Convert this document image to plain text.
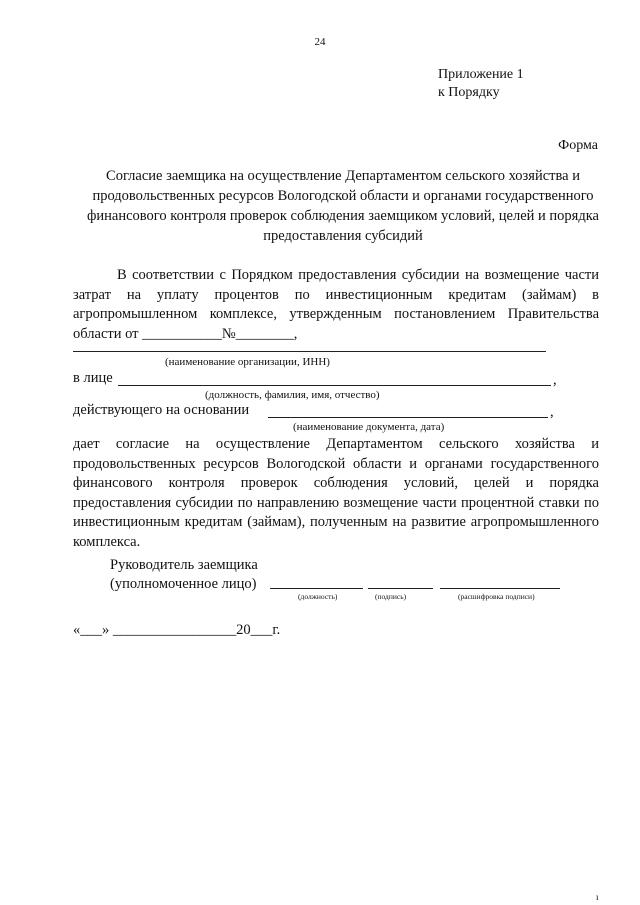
24
Приложение 1
к Порядку
Форма
Согласие заемщика на осуществление Департаментом сельского хозяйства и продовольственных ресурсов Вологодской области и органами государственного финансового контроля проверок соблюдения заемщиком условий, целей и порядка предоставления субсидий
В соответствии с Порядком предоставления субсидии на возмещение части затрат на уплату процентов по инвестиционным кредитам (займам) в агропромышленном комплексе, утвержденным постановлением Правительства области от ___________№________,
(наименование организации, ИНН)
в лице	,
(должность, фамилия, имя, отчество)
действующего на основании	,
(наименование документа, дата)
дает согласие на осуществление Департаментом сельского хозяйства и продовольственных ресурсов Вологодской области и органами государственного финансового контроля проверок соблюдения условий, целей и порядка предоставления субсидии по направлению возмещение части процентной ставки по инвестиционным кредитам (займам), полученным на развитие агропромышленного комплекса.
Руководитель заемщика
(уполномоченное лицо)
(должность)	(подпись)	(расшифровка подписи)
«___» _________________20___г.
ı
